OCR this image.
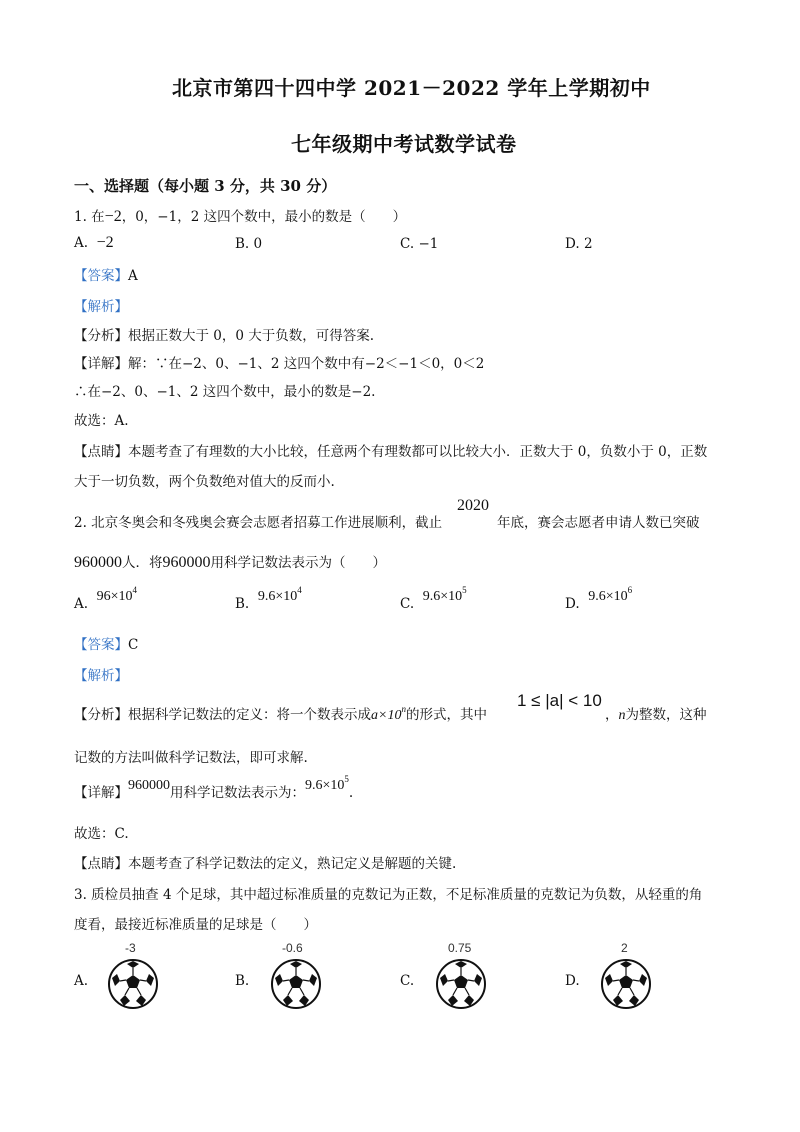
北京市第四十四中学 2021－2022 学年上学期初中
七年级期中考试数学试卷
一、选择题（每小题 3 分，共 30 分）
1. 在−2，0，−1，2 这四个数中，最小的数是（　　）
A. −2	B. 0	C. −1	D. 2
【答案】A
【解析】
【分析】根据正数大于 0，0 大于负数，可得答案.
【详解】解：∵在−2、0、−1、2 这四个数中有−2＜−1＜0，0＜2
∴在−2、0、−1、2 这四个数中，最小的数是−2.
故选：A.
【点睛】本题考查了有理数的大小比较，任意两个有理数都可以比较大小．正数大于 0，负数小于 0，正数
大于一切负数，两个负数绝对值大的反而小.
2. 北京冬奥会和冬残奥会赛会志愿者招募工作进展顺利，截止
2020
年底，赛会志愿者申请人数已突破
960000人．将960000用科学记数法表示为（　　）
A. $96\times 10^4$
B. $9.6\times 10^4$
C. $9.6\times 10^5$
D. $9.6\times 10^6$
【答案】C
【解析】
【分析】根据科学记数法的定义：将一个数表示成$a\times 10^n$的形式，其中
1 ≤ |a| < 10
，n为整数，这种
记数的方法叫做科学记数法，即可求解.
【详解】960000用科学记数法表示为：$9.6\times 10^5$.
故选：C.
【点睛】本题考查了科学记数法的定义，熟记定义是解题的关键.
3. 质检员抽查 4 个足球，其中超过标准质量的克数记为正数，不足标准质量的克数记为负数，从轻重的角
度看，最接近标准质量的足球是（　　）
A.	B.	C.	D.
-3	-0.6	0.75	2
